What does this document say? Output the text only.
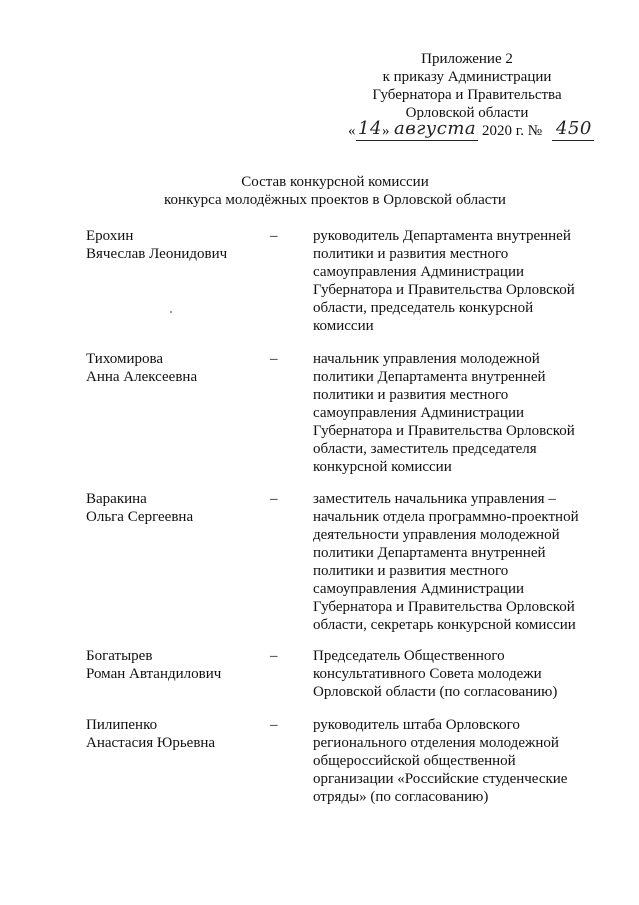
Приложение 2
к приказу Администрации
Губернатора и Правительства
Орловской области
« 14 » августа 2020 г. № 450
Состав конкурсной комиссии
конкурса молодёжных проектов в Орловской области
Ерохин
Вячеслав Леонидович
– руководитель Департамента внутренней
политики и развития местного
самоуправления Администрации
Губернатора и Правительства Орловской
области, председатель конкурсной
комиссии
Тихомирова
Анна Алексеевна
– начальник управления молодежной
политики Департамента внутренней
политики и развития местного
самоуправления Администрации
Губернатора и Правительства Орловской
области, заместитель председателя
конкурсной комиссии
Варакина
Ольга Сергеевна
– заместитель начальника управления –
начальник отдела программно-проектной
деятельности управления молодежной
политики Департамента внутренней
политики и развития местного
самоуправления Администрации
Губернатора и Правительства Орловской
области, секретарь конкурсной комиссии
Богатырев
Роман Автандилович
– Председатель Общественного
консультативного Совета молодежи
Орловской области (по согласованию)
Пилипенко
Анастасия Юрьевна
– руководитель штаба Орловского
регионального отделения молодежной
общероссийской общественной
организации «Российские студенческие
отряды» (по согласованию)
